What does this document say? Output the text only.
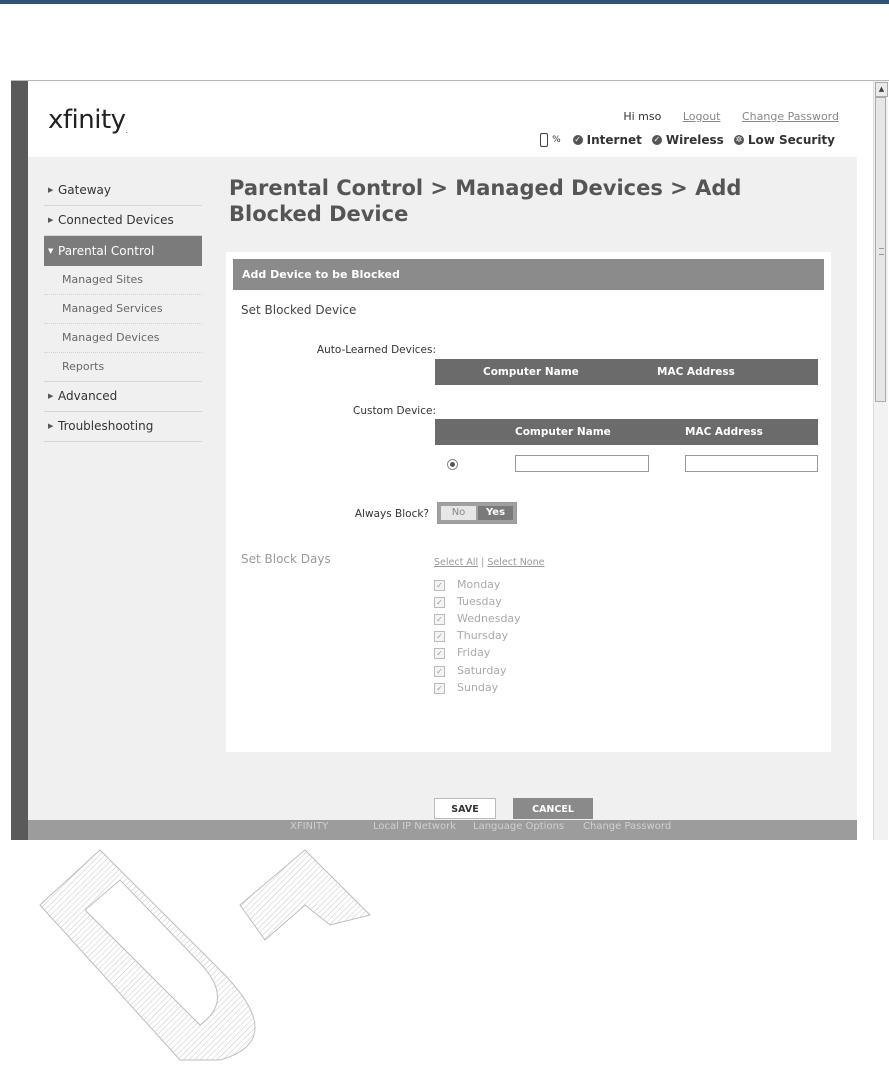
xfinity.
Hi mso Logout Change Password
% ✓ Internet ✓ Wireless ✲ Low Security
▶ Gateway
▶ Connected Devices
▼ Parental Control
Managed Sites
Managed Services
Managed Devices
Reports
▶ Advanced
▶ Troubleshooting
Parental Control > Managed Devices > Add Blocked Device
Add Device to be Blocked
Set Blocked Device
Auto-Learned Devices:
Computer Name	MAC Address
Custom Device:
Computer Name	MAC Address
Always Block?	No	Yes
Set Block Days	Select All | Select None
✓ Monday
✓ Tuesday
✓ Wednesday
✓ Thursday
✓ Friday
✓ Saturday
✓ Sunday
SAVE	CANCEL
XFINITY	Local IP Network Language Options Change Password
▲
